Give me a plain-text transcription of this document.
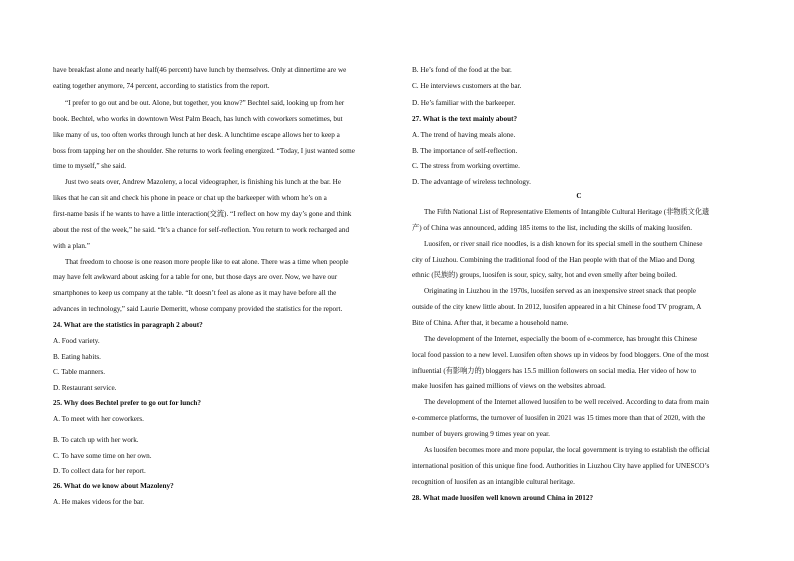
have breakfast alone and nearly half(46 percent) have lunch by themselves. Only at dinnertime are we
eating together anymore, 74 percent, according to statistics from the report.
“I prefer to go out and be out. Alone, but together, you know?” Bechtel said, looking up from her
book. Bechtel, who works in downtown West Palm Beach, has lunch with coworkers sometimes, but
like many of us, too often works through lunch at her desk. A lunchtime escape allows her to keep a
boss from tapping her on the shoulder. She returns to work feeling energized. “Today, I just wanted some
time to myself,” she said.
Just two seats over, Andrew Mazoleny, a local videographer, is finishing his lunch at the bar. He
likes that he can sit and check his phone in peace or chat up the barkeeper with whom he’s on a
first-name basis if he wants to have a little interaction(交流). “I reflect on how my day’s gone and think
about the rest of the week,” he said. “It’s a chance for self-reflection. You return to work recharged and
with a plan.”
That freedom to choose is one reason more people like to eat alone. There was a time when people
may have felt awkward about asking for a table for one, but those days are over. Now, we have our
smartphones to keep us company at the table. “It doesn’t feel as alone as it may have before all the
advances in technology,” said Laurie Demeritt, whose company provided the statistics for the report.
24. What are the statistics in paragraph 2 about?
A. Food variety.
B. Eating habits.
C. Table manners.
D. Restaurant service.
25. Why does Bechtel prefer to go out for lunch?
A. To meet with her coworkers.
B. To catch up with her work.
C. To have some time on her own.
D. To collect data for her report.
26. What do we know about Mazoleny?
A. He makes videos for the bar.
B. He’s fond of the food at the bar.
C. He interviews customers at the bar.
D. He’s familiar with the barkeeper.
27. What is the text mainly about?
A. The trend of having meals alone.
B. The importance of self-reflection.
C. The stress from working overtime.
D. The advantage of wireless technology.
C
The Fifth National List of Representative Elements of Intangible Cultural Heritage (非物质文化遗
产) of China was announced, adding 185 items to the list, including the skills of making luosifen.
Luosifen, or river snail rice noodles, is a dish known for its special smell in the southern Chinese
city of Liuzhou. Combining the traditional food of the Han people with that of the Miao and Dong
ethnic (民族的) groups, luosifen is sour, spicy, salty, hot and even smelly after being boiled.
Originating in Liuzhou in the 1970s, luosifen served as an inexpensive street snack that people
outside of the city knew little about. In 2012, luosifen appeared in a hit Chinese food TV program, A
Bite of China. After that, it became a household name.
The development of the Internet, especially the boom of e-commerce, has brought this Chinese
local food passion to a new level. Luosifen often shows up in videos by food bloggers. One of the most
influential (有影响力的) bloggers has 15.5 million followers on social media. Her video of how to
make luosifen has gained millions of views on the websites abroad.
The development of the Internet allowed luosifen to be well received. According to data from main
e-commerce platforms, the turnover of luosifen in 2021 was 15 times more than that of 2020, with the
number of buyers growing 9 times year on year.
As luosifen becomes more and more popular, the local government is trying to establish the official
international position of this unique fine food. Authorities in Liuzhou City have applied for UNESCO’s
recognition of luosifen as an intangible cultural heritage.
28. What made luosifen well known around China in 2012?
